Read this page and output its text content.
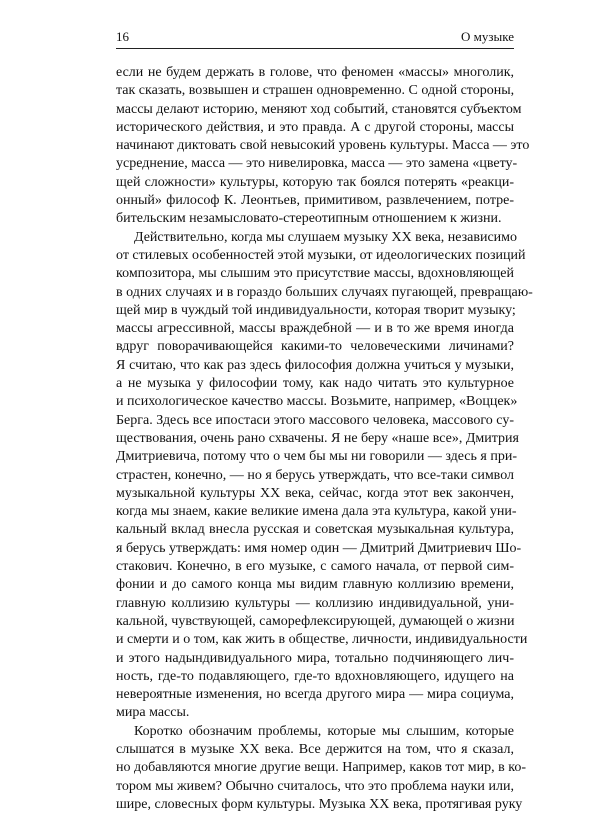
16	О музыке
если не будем держать в голове, что феномен «массы» многолик,
так сказать, возвышен и страшен одновременно. С одной стороны,
массы делают историю, меняют ход событий, становятся субъектом
исторического действия, и это правда. А с другой стороны, массы
начинают диктовать свой невысокий уровень культуры. Масса — это
усреднение, масса — это нивелировка, масса — это замена «цвету-
щей сложности» культуры, которую так боялся потерять «реакци-
онный» философ К. Леонтьев, примитивом, развлечением, потре-
бительским незамысловато-стереотипным отношением к жизни.
Действительно, когда мы слушаем музыку XX века, независимо
от стилевых особенностей этой музыки, от идеологических позиций
композитора, мы слышим это присутствие массы, вдохновляющей
в одних случаях и в гораздо больших случаях пугающей, превращаю-
щей мир в чуждый той индивидуальности, которая творит музыку;
массы агрессивной, массы враждебной — и в то же время иногда
вдруг поворачивающейся какими-то человеческими личинами?
Я считаю, что как раз здесь философия должна учиться у музыки,
а не музыка у философии тому, как надо читать это культурное
и психологическое качество массы. Возьмите, например, «Воццек»
Берга. Здесь все ипостаси этого массового человека, массового су-
ществования, очень рано схвачены. Я не беру «наше все», Дмитрия
Дмитриевича, потому что о чем бы мы ни говорили — здесь я при-
страстен, конечно, — но я берусь утверждать, что все-таки символ
музыкальной культуры XX века, сейчас, когда этот век закончен,
когда мы знаем, какие великие имена дала эта культура, какой уни-
кальный вклад внесла русская и советская музыкальная культура,
я берусь утверждать: имя номер один — Дмитрий Дмитриевич Шо-
стакович. Конечно, в его музыке, с самого начала, от первой сим-
фонии и до самого конца мы видим главную коллизию времени,
главную коллизию культуры — коллизию индивидуальной, уни-
кальной, чувствующей, саморефлексирующей, думающей о жизни
и смерти и о том, как жить в обществе, личности, индивидуальности
и этого надындивидуального мира, тотально подчиняющего лич-
ность, где-то подавляющего, где-то вдохновляющего, идущего на
невероятные изменения, но всегда другого мира — мира социума,
мира массы.
Коротко обозначим проблемы, которые мы слышим, которые
слышатся в музыке XX века. Все держится на том, что я сказал,
но добавляются многие другие вещи. Например, каков тот мир, в ко-
тором мы живем? Обычно считалось, что это проблема науки или,
шире, словесных форм культуры. Музыка XX века, протягивая руку
